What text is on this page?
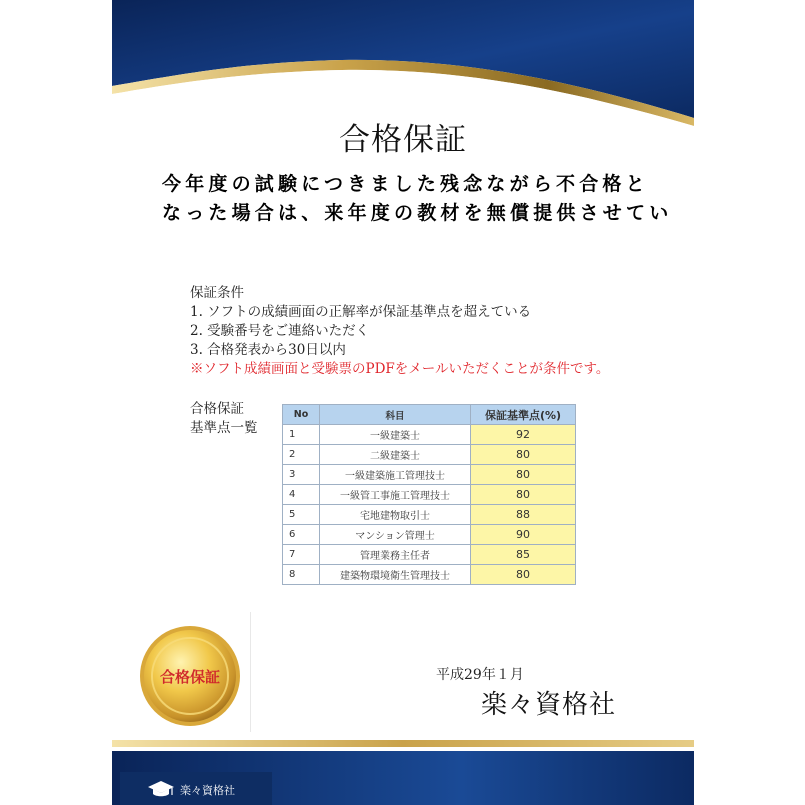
合格保証
今年度の試験につきました残念ながら不合格と
なった場合は、来年度の教材を無償提供させてい
保証条件
1. ソフトの成績画面の正解率が保証基準点を超えている
2. 受験番号をご連絡いただく
3. 合格発表から30日以内
※ソフト成績画面と受験票のPDFをメールいただくことが条件です。
合格保証
基準点一覧
No	科目	保証基準点(%)
1	一級建築士	92
2	二級建築士	80
3	一級建築施工管理技士	80
4	一級管工事施工管理技士	80
5	宅地建物取引士	88
6	マンション管理士	90
7	管理業務主任者	85
8	建築物環境衛生管理技士	80
合格保証	平成29年１月
楽々資格社
楽々資格社
